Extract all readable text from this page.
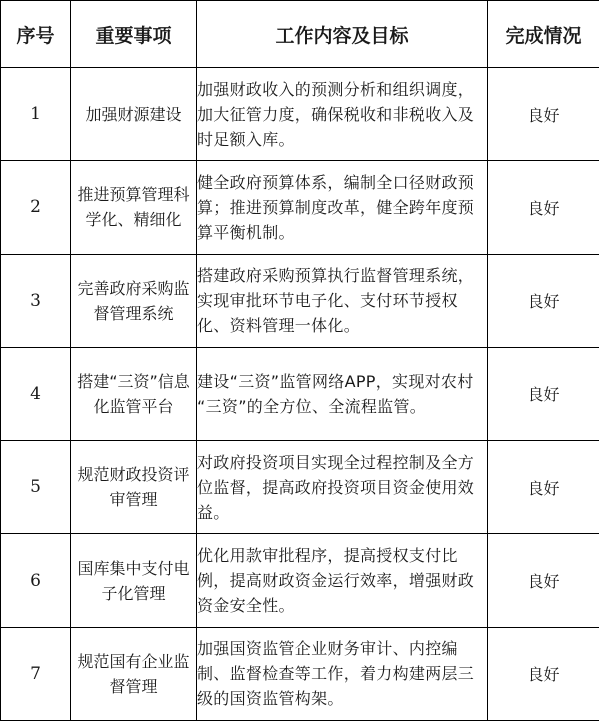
序号	重要事项	工作内容及目标	完成情况
1	加强财源建设	加强财政收入的预测分析和组织调度，加大征管力度，确保税收和非税收入及时足额入库。	良好
2	推进预算管理科学化、精细化	健全政府预算体系，编制全口径财政预算；推进预算制度改革，健全跨年度预算平衡机制。	良好
3	完善政府采购监督管理系统	搭建政府采购预算执行监督管理系统，实现审批环节电子化、支付环节授权化、资料管理一体化。	良好
4	搭建“三资”信息化监管平台	建设“三资”监管网络APP，实现对农村 “三资”的全方位、全流程监管。	良好
5	规范财政投资评审管理	对政府投资项目实现全过程控制及全方位监督，提高政府投资项目资金使用效益。	良好
6	国库集中支付电子化管理	优化用款审批程序，提高授权支付比例，提高财政资金运行效率，增强财政资金安全性。	良好
7	规范国有企业监督管理	加强国资监管企业财务审计、内控编制、监督检查等工作，着力构建两层三级的国资监管构架。	良好
